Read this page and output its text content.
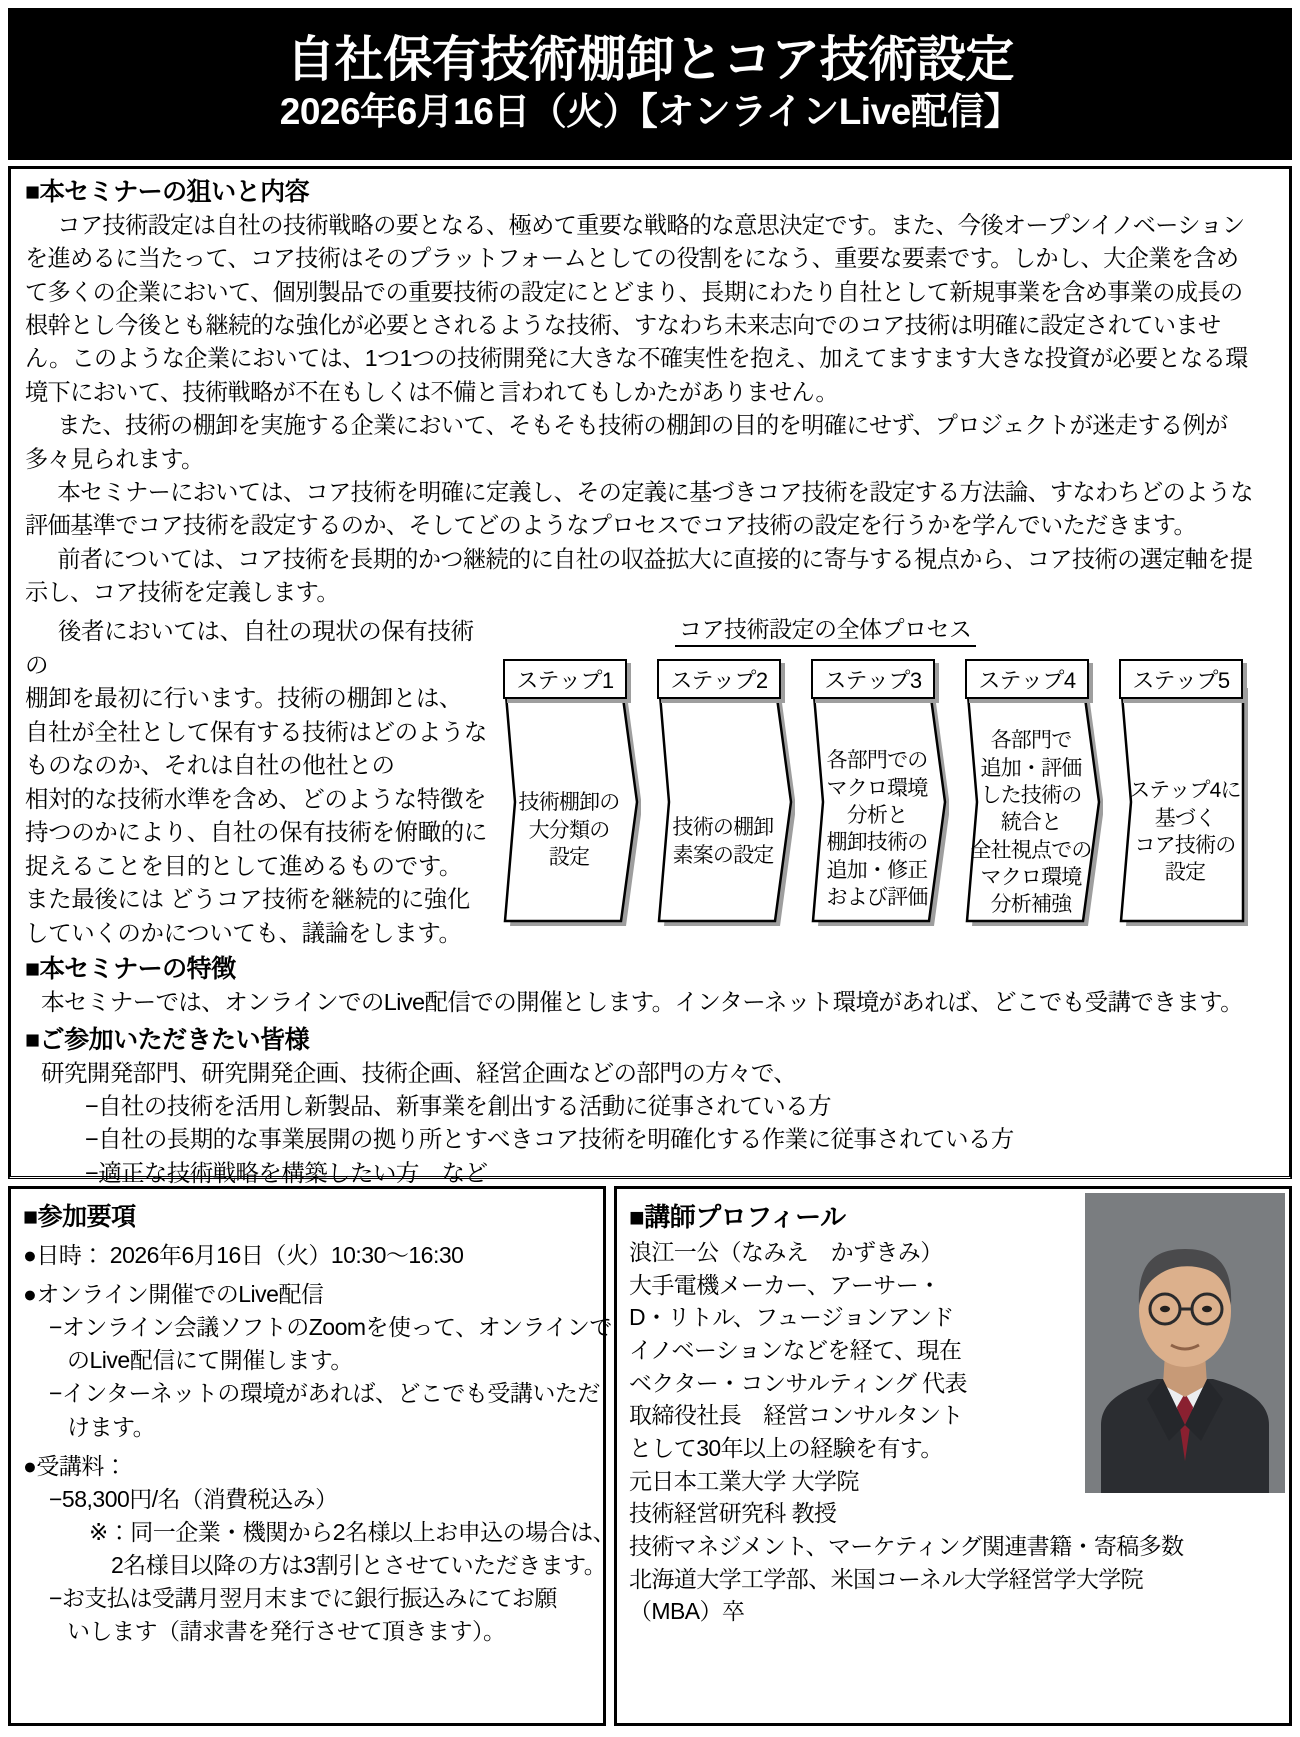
自社保有技術棚卸とコア技術設定
2026年6月16日（火）【オンラインLive配信】
■本セミナーの狙いと内容

コア技術設定は自社の技術戦略の要となる、極めて重要な戦略的な意思決定です。また、今後オープンイノベーションを進めるに当たって、コア技術はそのプラットフォームとしての役割をになう、重要な要素です。しかし、大企業を含めて多くの企業において、個別製品での重要技術の設定にとどまり、長期にわたり自社として新規事業を含め事業の成長の根幹とし今後とも継続的な強化が必要とされるような技術、すなわち未来志向でのコア技術は明確に設定されていません。このような企業においては、1つ1つの技術開発に大きな不確実性を抱え、加えてますます大きな投資が必要となる環境下において、技術戦略が不在もしくは不備と言われてもしかたがありません。

また、技術の棚卸を実施する企業において、そもそも技術の棚卸の目的を明確にせず、プロジェクトが迷走する例が多々見られます。

本セミナーにおいては、コア技術を明確に定義し、その定義に基づきコア技術を設定する方法論、すなわちどのような評価基準でコア技術を設定するのか、そしてどのようなプロセスでコア技術の設定を行うかを学んでいただきます。

前者については、コア技術を長期的かつ継続的に自社の収益拡大に直接的に寄与する視点から、コア技術の選定軸を提示し、コア技術を定義します。

後者においては、自社の現状の保有技術の

棚卸を最初に行います。技術の棚卸とは、

自社が全社として保有する技術はどのような

ものなのか、それは自社の他社との

相対的な技術水準を含め、どのような特徴を

持つのかにより、自社の保有技術を俯瞰的に

捉えることを目的として進めるものです。

また最後には どうコア技術を継続的に強化

していくのかについても、議論をします。

コア技術設定の全体プロセス
ステップ1
技術棚卸の
大分類の
設定
ステップ2
技術の棚卸
素案の設定
ステップ3
各部門での
マクロ環境
分析と
棚卸技術の
追加・修正
および評価
ステップ4
各部門で
追加・評価
した技術の
統合と
全社視点での
マクロ環境
分析補強
ステップ5
ステップ4に
基づく
コア技術の
設定
■本セミナーの特徴

本セミナーでは、オンラインでのLive配信での開催とします。インターネット環境があれば、どこでも受講できます。

■ご参加いただきたい皆様

研究開発部門、研究開発企画、技術企画、経営企画などの部門の方々で、

−自社の技術を活用し新製品、新事業を創出する活動に従事されている方

−自社の長期的な事業展開の拠り所とすべきコア技術を明確化する作業に従事されている方

−適正な技術戦略を構築したい方　など

■参加要項
●日時： 2026年6月16日（火）10:30～16:30
●オンライン開催でのLive配信
−オンライン会議ソフトのZoomを使って、オンラインで
のLive配信にて開催します。
−インターネットの環境があれば、どこでも受講いただ
けます。
●受講料：
−58,300円/名（消費税込み）
※：同一企業・機関から2名様以上お申込の場合は、
2名様目以降の方は3割引とさせていただきます。
−お支払は受講月翌月末までに銀行振込みにてお願
いします（請求書を発行させて頂きます）。
■講師プロフィール
浪江一公（なみえ　かずきみ）
大手電機メーカー、アーサー・
D・リトル、フュージョンアンド
イノベーションなどを経て、現在
ベクター・コンサルティング 代表
取締役社長　経営コンサルタント
として30年以上の経験を有す。
元日本工業大学 大学院
技術経営研究科 教授
技術マネジメント、マーケティング関連書籍・寄稿多数
北海道大学工学部、米国コーネル大学経営学大学院
（MBA）卒
